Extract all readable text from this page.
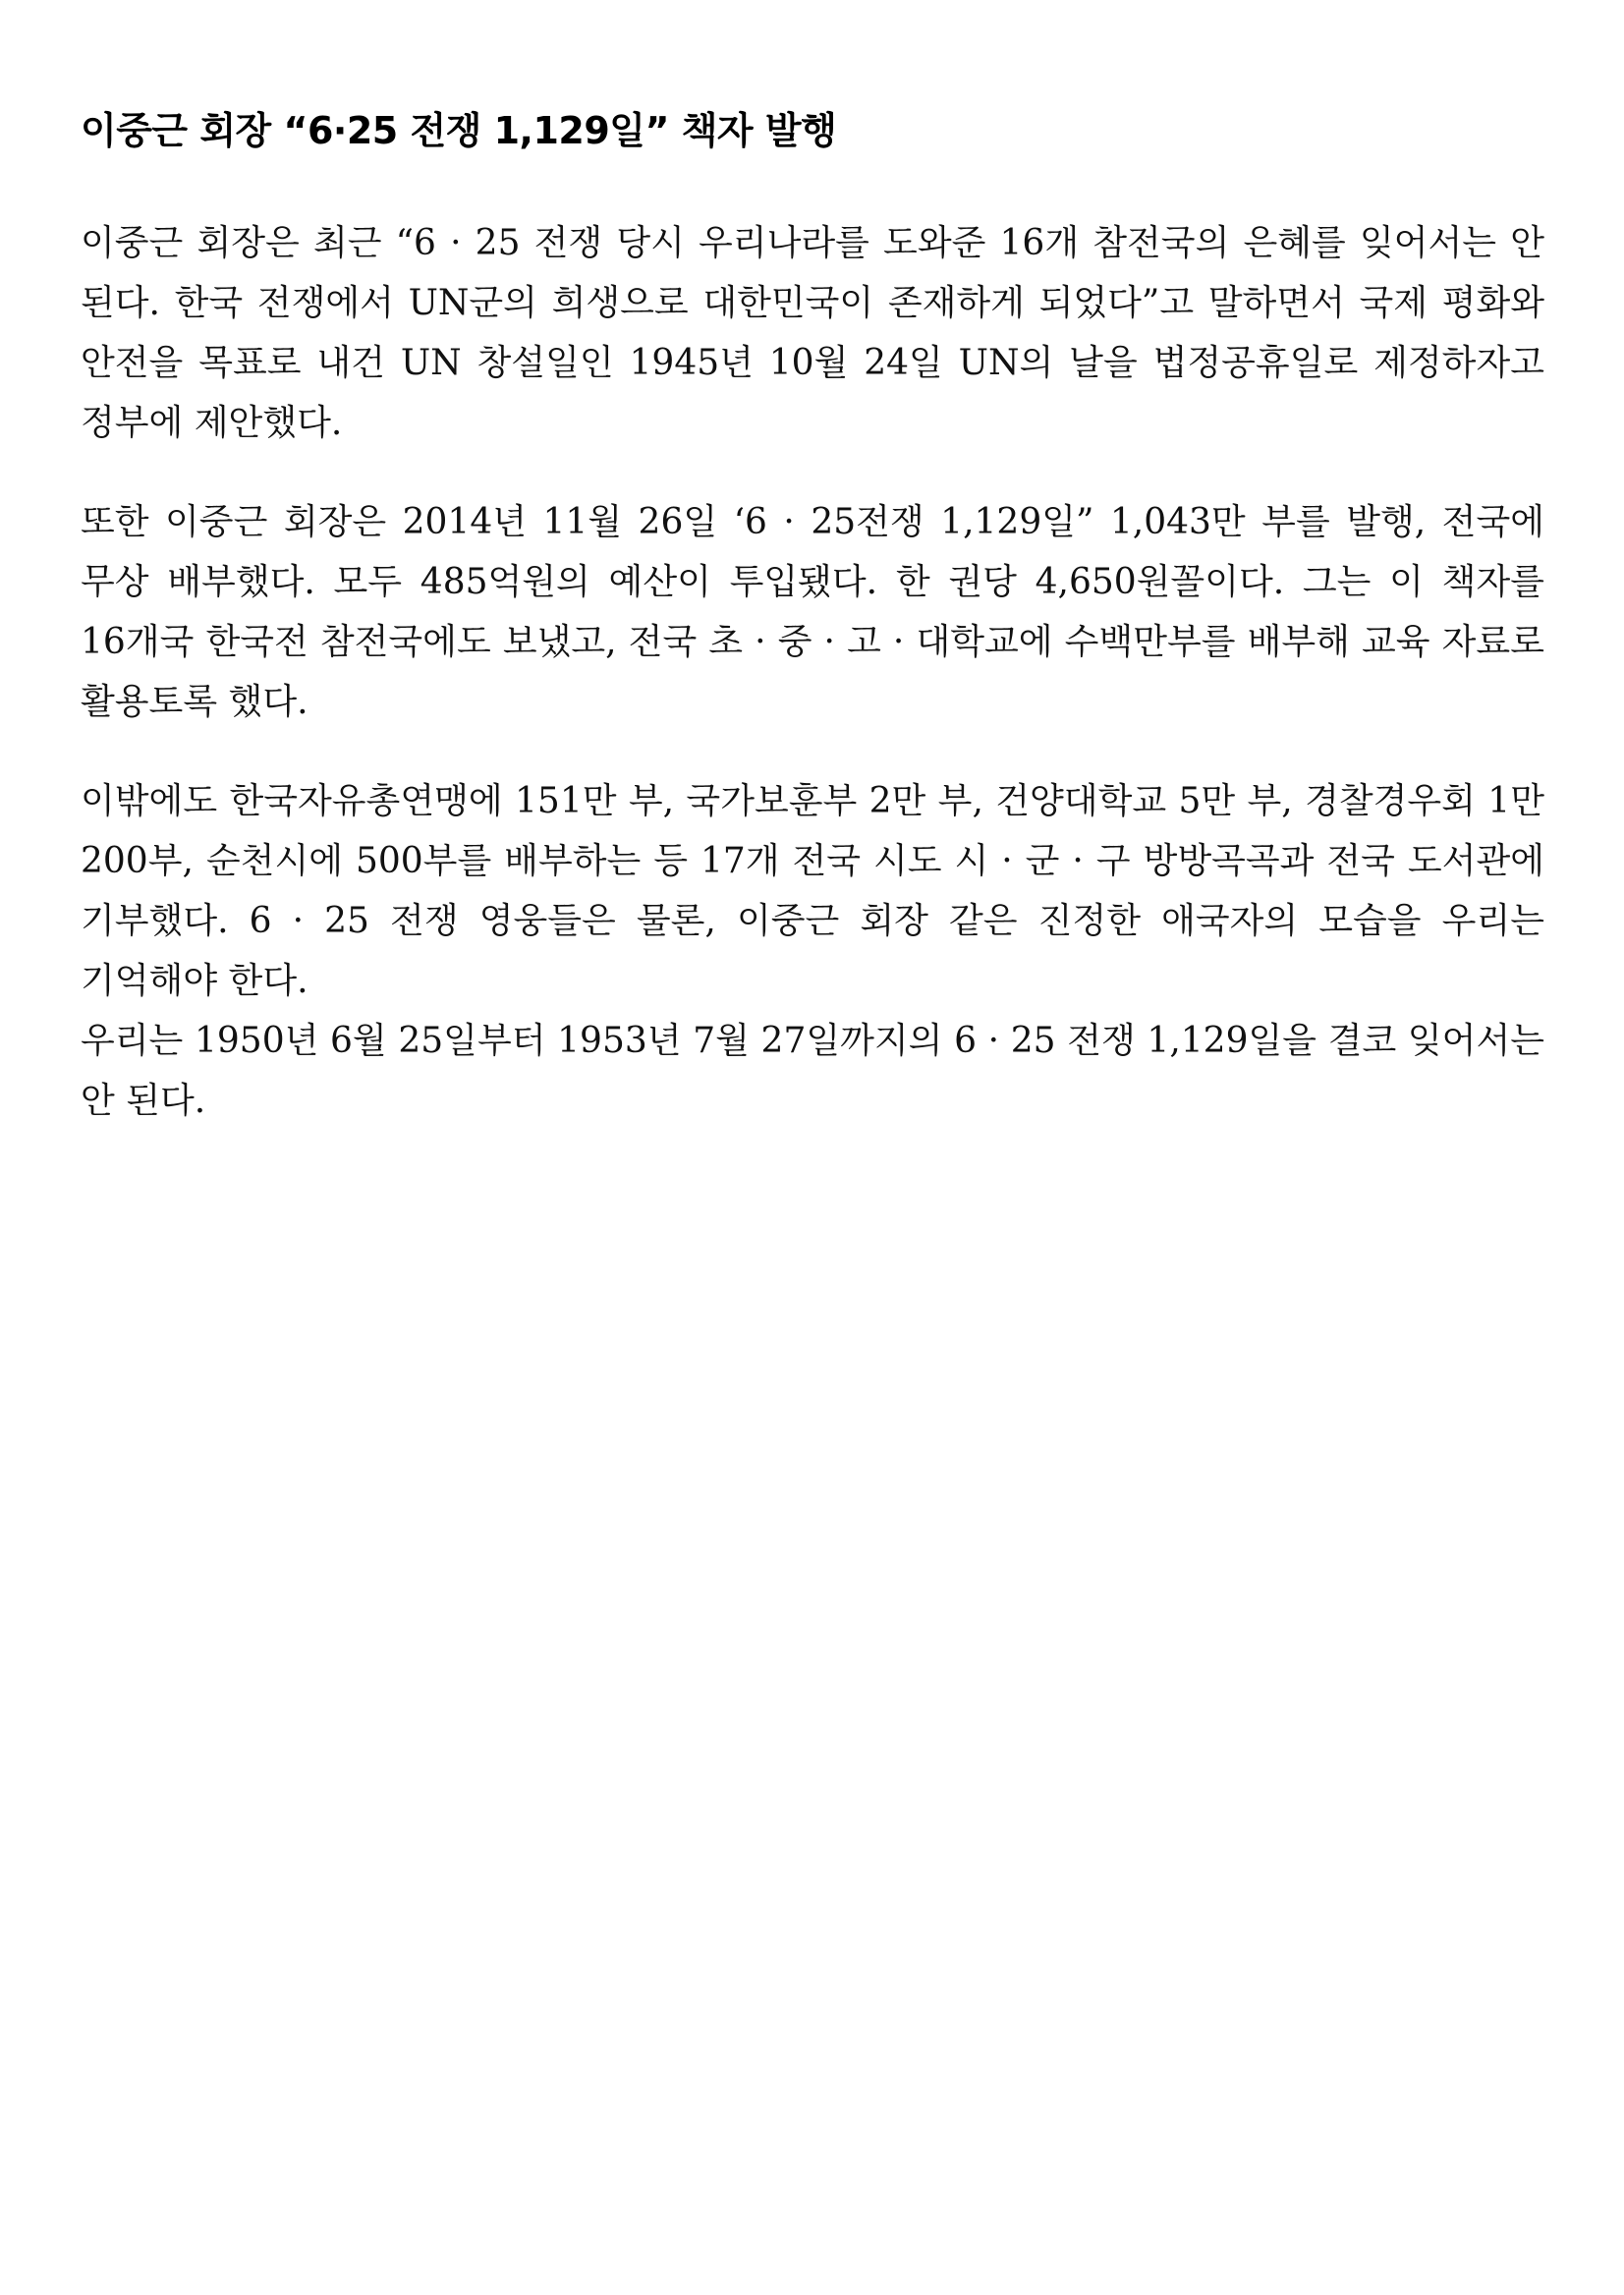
이중근 회장 “6·25 전쟁 1,129일” 책자 발행

이중근 회장은 최근 “6 · 25 전쟁 당시 우리나라를 도와준 16개 참전국의 은혜를 잊어서는 안 된다. 한국 전쟁에서 UN군의 희생으로 대한민국이 존재하게 되었다”고 말하면서 국제 평화와 안전을 목표로 내건 UN 창설일인 1945년 10월 24일 UN의 날을 법정공휴일로 제정하자고 정부에 제안했다.

또한 이중근 회장은 2014년 11월 26일 ‘6 · 25전쟁 1,129일” 1,043만 부를 발행, 전국에 무상 배부했다. 모두 485억원의 예산이 투입됐다. 한 권당 4,650원꼴이다. 그는 이 책자를 16개국 한국전 참전국에도 보냈고, 전국 초 · 중 · 고 · 대학교에 수백만부를 배부해 교육 자료로 활용토록 했다.

이밖에도 한국자유총연맹에 151만 부, 국가보훈부 2만 부, 건양대학교 5만 부, 경찰경우회 1만 200부, 순천시에 500부를 배부하는 등 17개 전국 시도 시 · 군 · 구 방방곡곡과 전국 도서관에 기부했다. 6 · 25 전쟁 영웅들은 물론, 이중근 회장 같은 진정한 애국자의 모습을 우리는 기억해야 한다.

우리는 1950년 6월 25일부터 1953년 7월 27일까지의 6 · 25 전쟁 1,129일을 결코 잊어서는 안 된다.
